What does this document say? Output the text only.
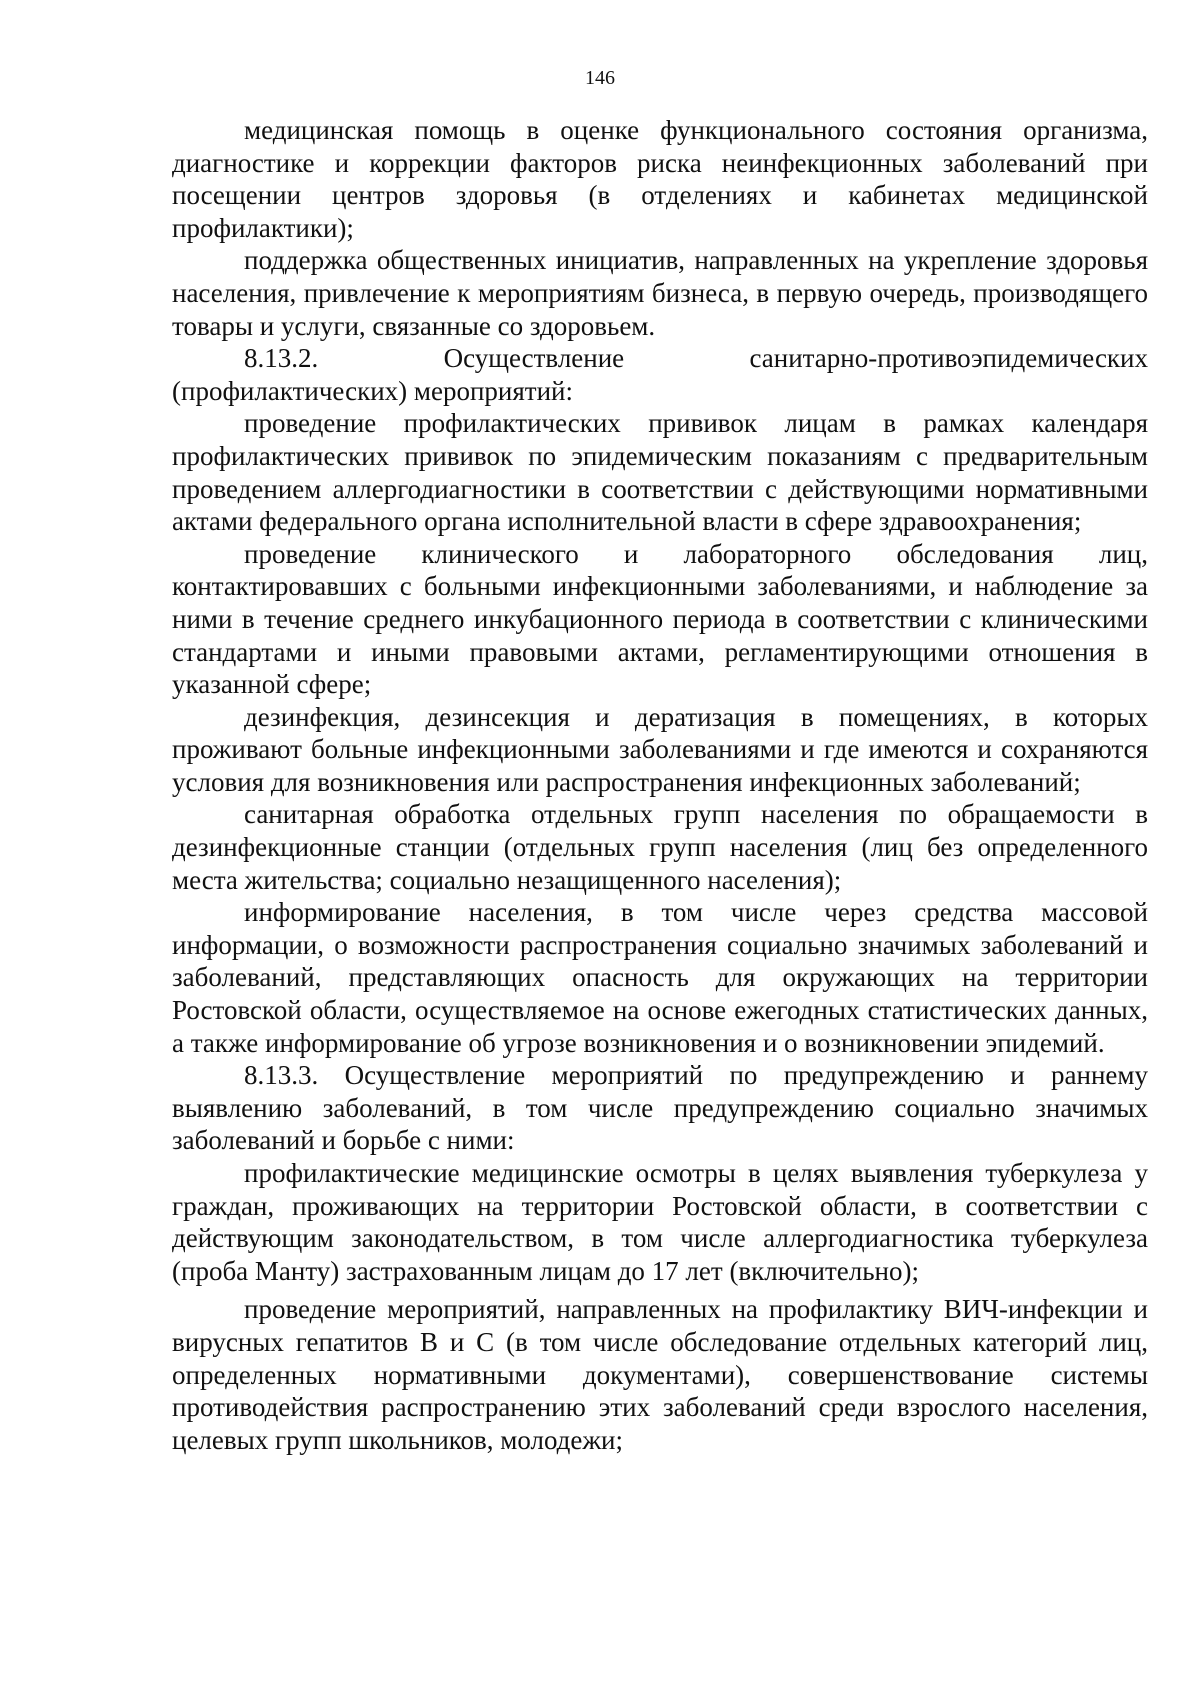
146

медицинская помощь в оценке функционального состояния организма, диагностике и коррекции факторов риска неинфекционных заболеваний при посещении центров здоровья (в отделениях и кабинетах медицинской профилактики);

поддержка общественных инициатив, направленных на укрепление здоровья населения, привлечение к мероприятиям бизнеса, в первую очередь, производящего товары и услуги, связанные со здоровьем.

8.13.2. Осуществление санитарно-противоэпидемических (профилактических) мероприятий:

проведение профилактических прививок лицам в рамках календаря профилактических прививок по эпидемическим показаниям с предварительным проведением аллергодиагностики в соответствии с действующими нормативными актами федерального органа исполнительной власти в сфере здравоохранения;

проведение клинического и лабораторного обследования лиц, контактировавших с больными инфекционными заболеваниями, и наблюдение за ними в течение среднего инкубационного периода в соответствии с клиническими стандартами и иными правовыми актами, регламентирующими отношения в указанной сфере;

дезинфекция, дезинсекция и дератизация в помещениях, в которых проживают больные инфекционными заболеваниями и где имеются и сохраняются условия для возникновения или распространения инфекционных заболеваний;

санитарная обработка отдельных групп населения по обращаемости в дезинфекционные станции (отдельных групп населения (лиц без определенного места жительства; социально незащищенного населения);

информирование населения, в том числе через средства массовой информации, о возможности распространения социально значимых заболеваний и заболеваний, представляющих опасность для окружающих на территории Ростовской области, осуществляемое на основе ежегодных статистических данных, а также информирование об угрозе возникновения и о возникновении эпидемий.

8.13.3. Осуществление мероприятий по предупреждению и раннему выявлению заболеваний, в том числе предупреждению социально значимых заболеваний и борьбе с ними:

профилактические медицинские осмотры в целях выявления туберкулеза у граждан, проживающих на территории Ростовской области, в соответствии с действующим законодательством, в том числе аллергодиагностика туберкулеза (проба Манту) застрахованным лицам до 17 лет (включительно);

проведение мероприятий, направленных на профилактику ВИЧ-инфекции и вирусных гепатитов В и С (в том числе обследование отдельных категорий лиц, определенных нормативными документами), совершенствование системы противодействия распространению этих заболеваний среди взрослого населения, целевых групп школьников, молодежи;
